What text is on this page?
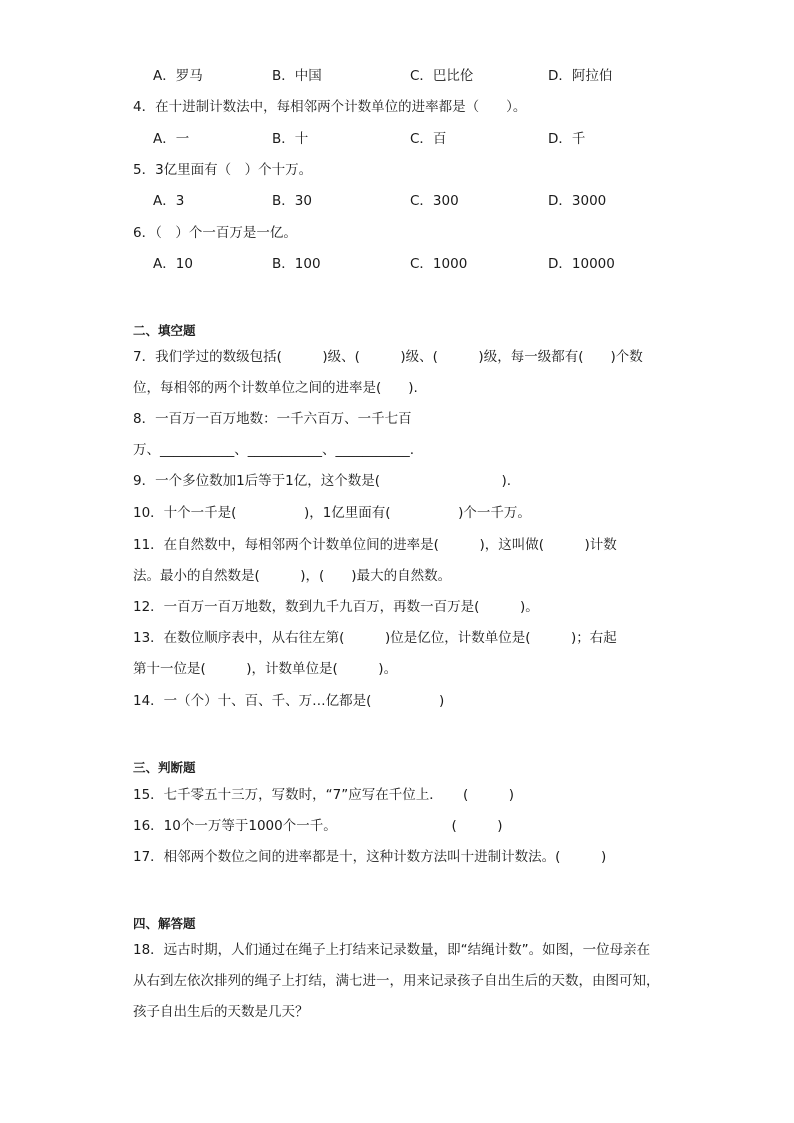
A．罗马	B．中国	C．巴比伦	D．阿拉伯
4．在十进制计数法中，每相邻两个计数单位的进率都是（　　）。
A．一	B．十	C．百	D．千
5．3亿里面有（　）个十万。
A．3	B．30	C．300	D．3000
6．（　）个一百万是一亿。
A．10	B．100	C．1000	D．10000
二、填空题
7．我们学过的数级包括(　　　)级、(　　　)级、(　　　)级，每一级都有(　　)个数
位，每相邻的两个计数单位之间的进率是(　　).
8．一百万一百万地数：一千六百万、一千七百
万、___________、___________、___________.
9．一个多位数加1后等于1亿，这个数是(　　　　　　　　　).
10．十个一千是(　　　　　)，1亿里面有(　　　　　)个一千万。
11．在自然数中，每相邻两个计数单位间的进率是(　　　)，这叫做(　　　)计数
法。最小的自然数是(　　　)，(　　)最大的自然数。
12．一百万一百万地数，数到九千九百万，再数一百万是(　　　)。
13．在数位顺序表中，从右往左第(　　　)位是亿位，计数单位是(　　　)；右起
第十一位是(　　　)，计数单位是(　　　)。
14．一（个）十、百、千、万…亿都是(　　　　　)
三、判断题
15．七千零五十三万，写数时，“7”应写在千位上．　　(　　　)
16．10个一万等于1000个一千。　　　　　　　　　(　　　)
17．相邻两个数位之间的进率都是十，这种计数方法叫十进制计数法。(　　　)
四、解答题
18．远古时期，人们通过在绳子上打结来记录数量，即“结绳计数”。如图，一位母亲在
从右到左依次排列的绳子上打结，满七进一，用来记录孩子自出生后的天数，由图可知，
孩子自出生后的天数是几天？
